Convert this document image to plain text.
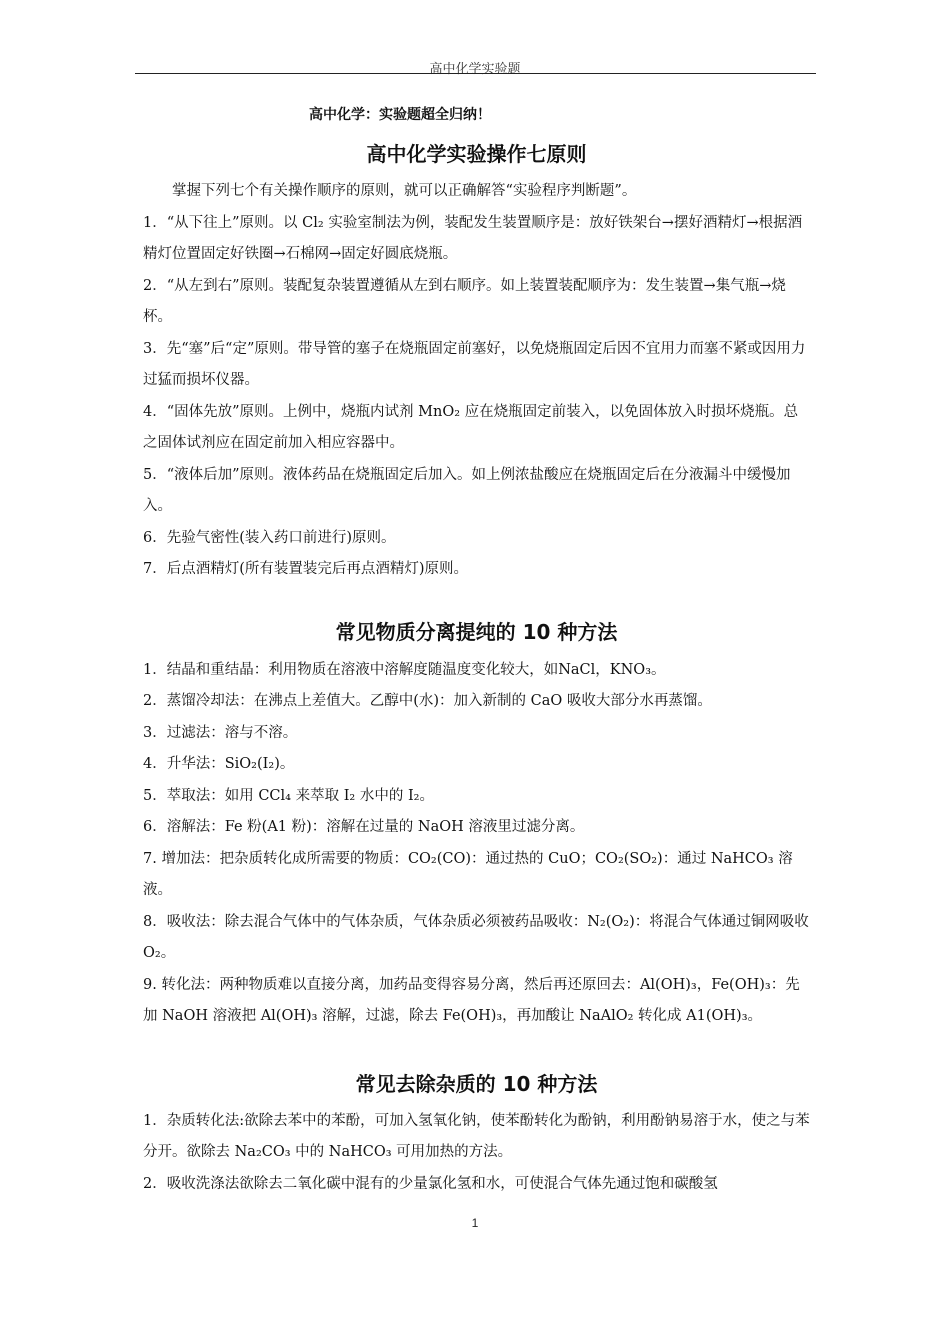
高中化学实验题
高中化学：实验题超全归纳！
高中化学实验操作七原则

掌握下列七个有关操作顺序的原则，就可以正确解答“实验程序判断题”。

1．“从下往上”原则。以 Cl₂ 实验室制法为例，装配发生装置顺序是：放好铁架台→摆好酒精灯→根据酒精灯位置固定好铁圈→石棉网→固定好圆底烧瓶。

2．“从左到右”原则。装配复杂装置遵循从左到右顺序。如上装置装配顺序为：发生装置→集气瓶→烧杯。

3．先“塞”后“定”原则。带导管的塞子在烧瓶固定前塞好，以免烧瓶固定后因不宜用力而塞不紧或因用力过猛而损坏仪器。

4．“固体先放”原则。上例中，烧瓶内试剂 MnO₂ 应在烧瓶固定前装入，以免固体放入时损坏烧瓶。总之固体试剂应在固定前加入相应容器中。

5．“液体后加”原则。液体药品在烧瓶固定后加入。如上例浓盐酸应在烧瓶固定后在分液漏斗中缓慢加入。

6．先验气密性(装入药口前进行)原则。

7．后点酒精灯(所有装置装完后再点酒精灯)原则。

常见物质分离提纯的 10 种方法

1．结晶和重结晶：利用物质在溶液中溶解度随温度变化较大，如NaCl，KNO₃。

2．蒸馏冷却法：在沸点上差值大。乙醇中(水)：加入新制的 CaO 吸收大部分水再蒸馏。

3．过滤法：溶与不溶。

4．升华法：SiO₂(I₂)。

5．萃取法：如用 CCl₄ 来萃取 I₂ 水中的 I₂。

6．溶解法：Fe 粉(A1 粉)：溶解在过量的 NaOH 溶液里过滤分离。

7. 增加法：把杂质转化成所需要的物质：CO₂(CO)：通过热的 CuO；CO₂(SO₂)：通过 NaHCO₃ 溶液。

8．吸收法：除去混合气体中的气体杂质，气体杂质必须被药品吸收：N₂(O₂)：将混合气体通过铜网吸收 O₂。

9. 转化法：两种物质难以直接分离，加药品变得容易分离，然后再还原回去：Al(OH)₃，Fe(OH)₃：先加 NaOH 溶液把 Al(OH)₃ 溶解，过滤，除去 Fe(OH)₃，再加酸让 NaAlO₂ 转化成 A1(OH)₃。

常见去除杂质的 10 种方法

1．杂质转化法:欲除去苯中的苯酚，可加入氢氧化钠，使苯酚转化为酚钠，利用酚钠易溶于水，使之与苯分开。欲除去 Na₂CO₃ 中的 NaHCO₃ 可用加热的方法。

2．吸收洗涤法欲除去二氧化碳中混有的少量氯化氢和水，可使混合气体先通过饱和碳酸氢

1
